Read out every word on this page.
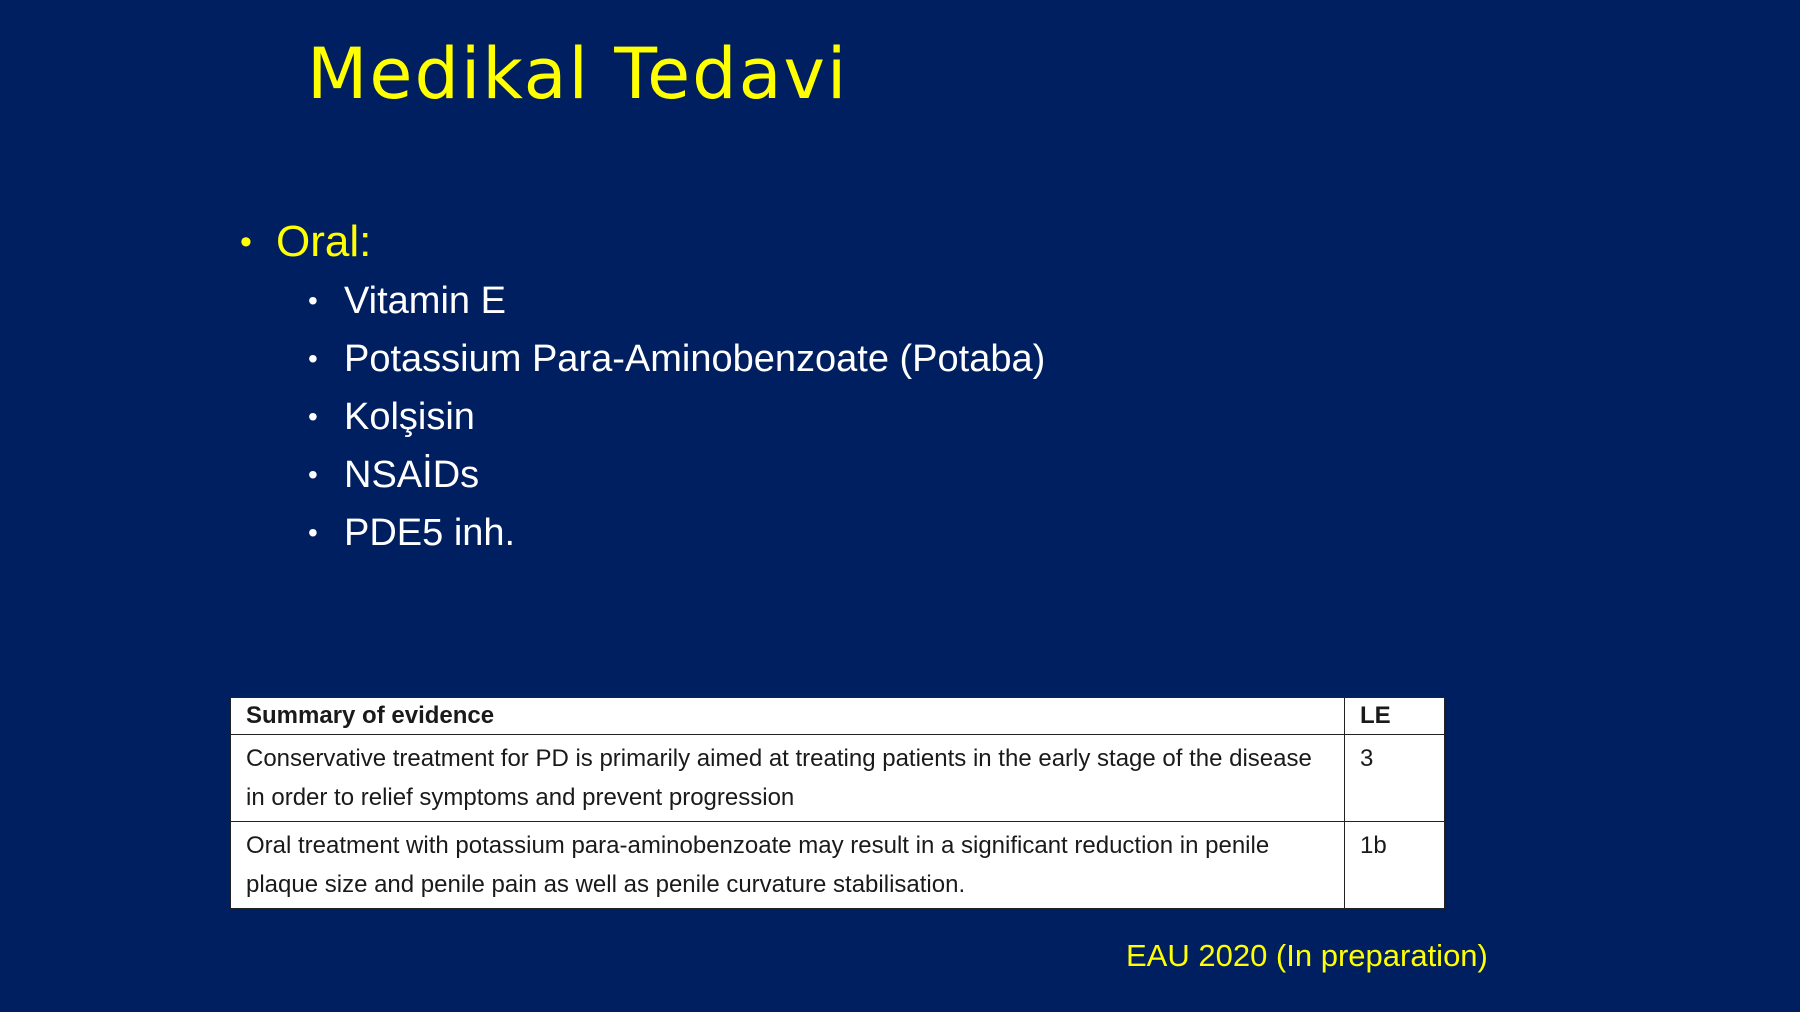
Medikal Tedavi
• Oral:
• Vitamin E
• Potassium Para-Aminobenzoate (Potaba)
• Kolşisin
• NSAİDs
• PDE5 inh.
Summary of evidence	LE
Conservative treatment for PD is primarily aimed at treating patients in the early stage of the disease in order to relief symptoms and prevent progression	3
Oral treatment with potassium para-aminobenzoate may result in a significant reduction in penile plaque size and penile pain as well as penile curvature stabilisation.	1b
EAU 2020 (In preparation)
